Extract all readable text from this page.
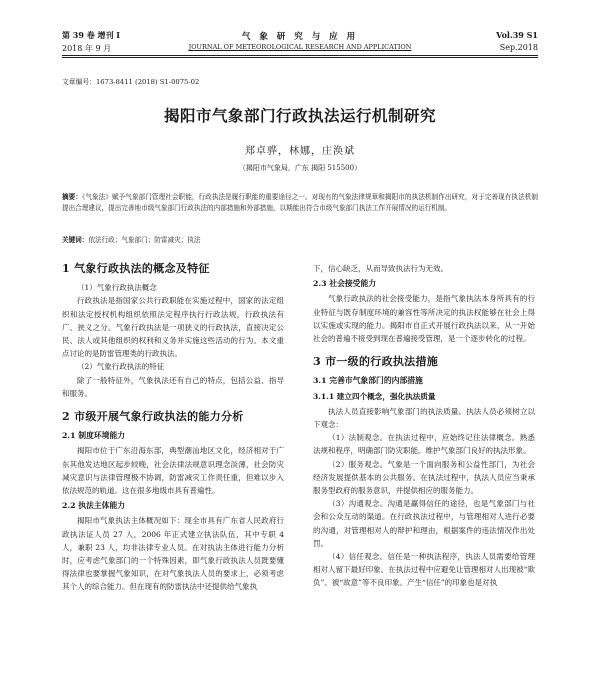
第 39 卷 增刊 I	气 象 研 究 与 应 用	Vol.39 S1
2018 年 9 月	JOURNAL OF METEOROLOGICAL RESEARCH AND APPLICATION	Sep.2018
文章编号：1673-8411 (2018) S1-0075-02
揭阳市气象部门行政执法运行机制研究
郑卓骅，林娜，庄涣斌
（揭阳市气象局，广东 揭阳 515500）
摘要：《气象法》赋予气象部门管理社会职能，行政执法是履行职能的重要途径之一。对现有的气象法律规章和揭阳市的执法机制作出研究，对于完善现有执法机制提出合理建议，提出完善地市级气象部门行政执法的内部措施和外部措施，以期能出符合市级气象部门执法工作开展情况的运行机制。
关键词：依法行政；气象部门；防雷减灾；执法
1 气象行政执法的概念及特征

（1）气象行政执法概念

行政执法是指国家公共行政职能在实施过程中，国家的法定组织和法定授权机构组织依照法定程序执行行政法规，行政执法有广、狭义之分。气象行政执法是一项狭义的行政执法，直接决定公民、法人或其他组织的权利和义务并实施这些活动的行为。本文重点讨论的是防雷管理类的行政执法。

（2）气象行政执法的特征

除了一般特征外，气象执法还有自己的特点，包括公益、指导和服务。

2 市级开展气象行政执法的能力分析
2.1 制度环境能力

揭阳市位于广东沿海东部，典型潮汕地区文化，经济相对于广东其他发达地区起步较晚，社会法律法规意识理念淡薄，社会防灾减灾意识与法律管理极不协调，防雷减灾工作责任重，但难以步入依法规范的轨道。这在很多地级市具有普遍性。

2.2 执法主体能力

揭阳市气象执法主体概况如下：现全市具有广东省人民政府行政执法证人员 27 人，2006 年正式建立执法队伍，其中专职 4 人，兼职 23 人，均非法律专业人员。在对执法主体进行能力分析时，应考虑气象部门的一个特殊因素，即气象行政执法人员既要懂得法律也要掌握气象知识，在对气象执法人员的要求上，必须考虑其个人的综合能力。但在现有的防雷执法中还提供给气象执

下，信心缺乏，从而导致执法行为无效。

2.3 社会接受能力

气象行政执法的社会接受能力，是指气象执法本身所具有的行业特征与既存制度环境的兼容性等所决定的执法权能够在社会上得以实施或实现的能力。揭阳市自正式开展行政执法以来，从一开始社会的普遍不接受到现在普遍接受管理，是一个逐步转化的过程。

3 市一级的行政执法措施
3.1 完善市气象部门的内部措施
3.1.1 建立四个概念，强化执法质量

执法人员直接影响气象部门的执法质量。执法人员必须树立以下观念：

（1）法制观念。在执法过程中，应始终记住法律概念。熟悉法规和程序，明确部门防灾职能。维护气象部门良好的执法形象。

（2）服务观念。气象是一个面向服务和公益性部门，为社会经济发展提供基本的公共服务。在执法过程中，执法人员应当秉承服务型政府的服务意识，并提供相应的服务能力。

（3）沟通观念。沟通是赢得信任的途径，也是气象部门与社会和公众互动的渠道。在行政执法过程中，与管理相对人进行必要的沟通，对管理相对人的辩护和理由，根据案件的违法情况作出处罚。

（4）信任观念。信任是一种执法程序，执法人员需要给管理相对人留下最好印象。在执法过程中应避免让管理相对人出现被“欺负”、被“故意”等不良印象。产生“信任”的印象也是对执
